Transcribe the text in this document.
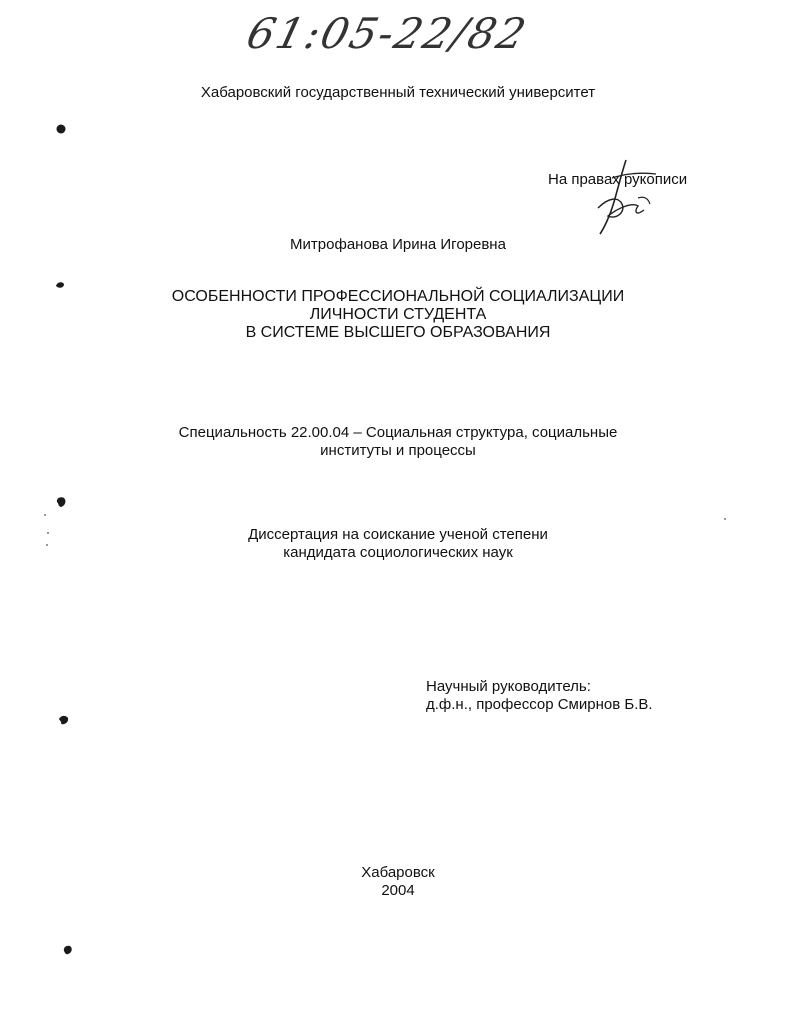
61:05-22/82
Хабаровский государственный технический университет
На правах рукописи
Митрофанова Ирина Игоревна
ОСОБЕННОСТИ ПРОФЕССИОНАЛЬНОЙ СОЦИАЛИЗАЦИИ
ЛИЧНОСТИ СТУДЕНТА
В СИСТЕМЕ ВЫСШЕГО ОБРАЗОВАНИЯ
Специальность 22.00.04 – Социальная структура, социальные
институты и процессы
Диссертация на соискание ученой степени
кандидата социологических наук
Научный руководитель:
д.ф.н., профессор Смирнов Б.В.
Хабаровск
2004
